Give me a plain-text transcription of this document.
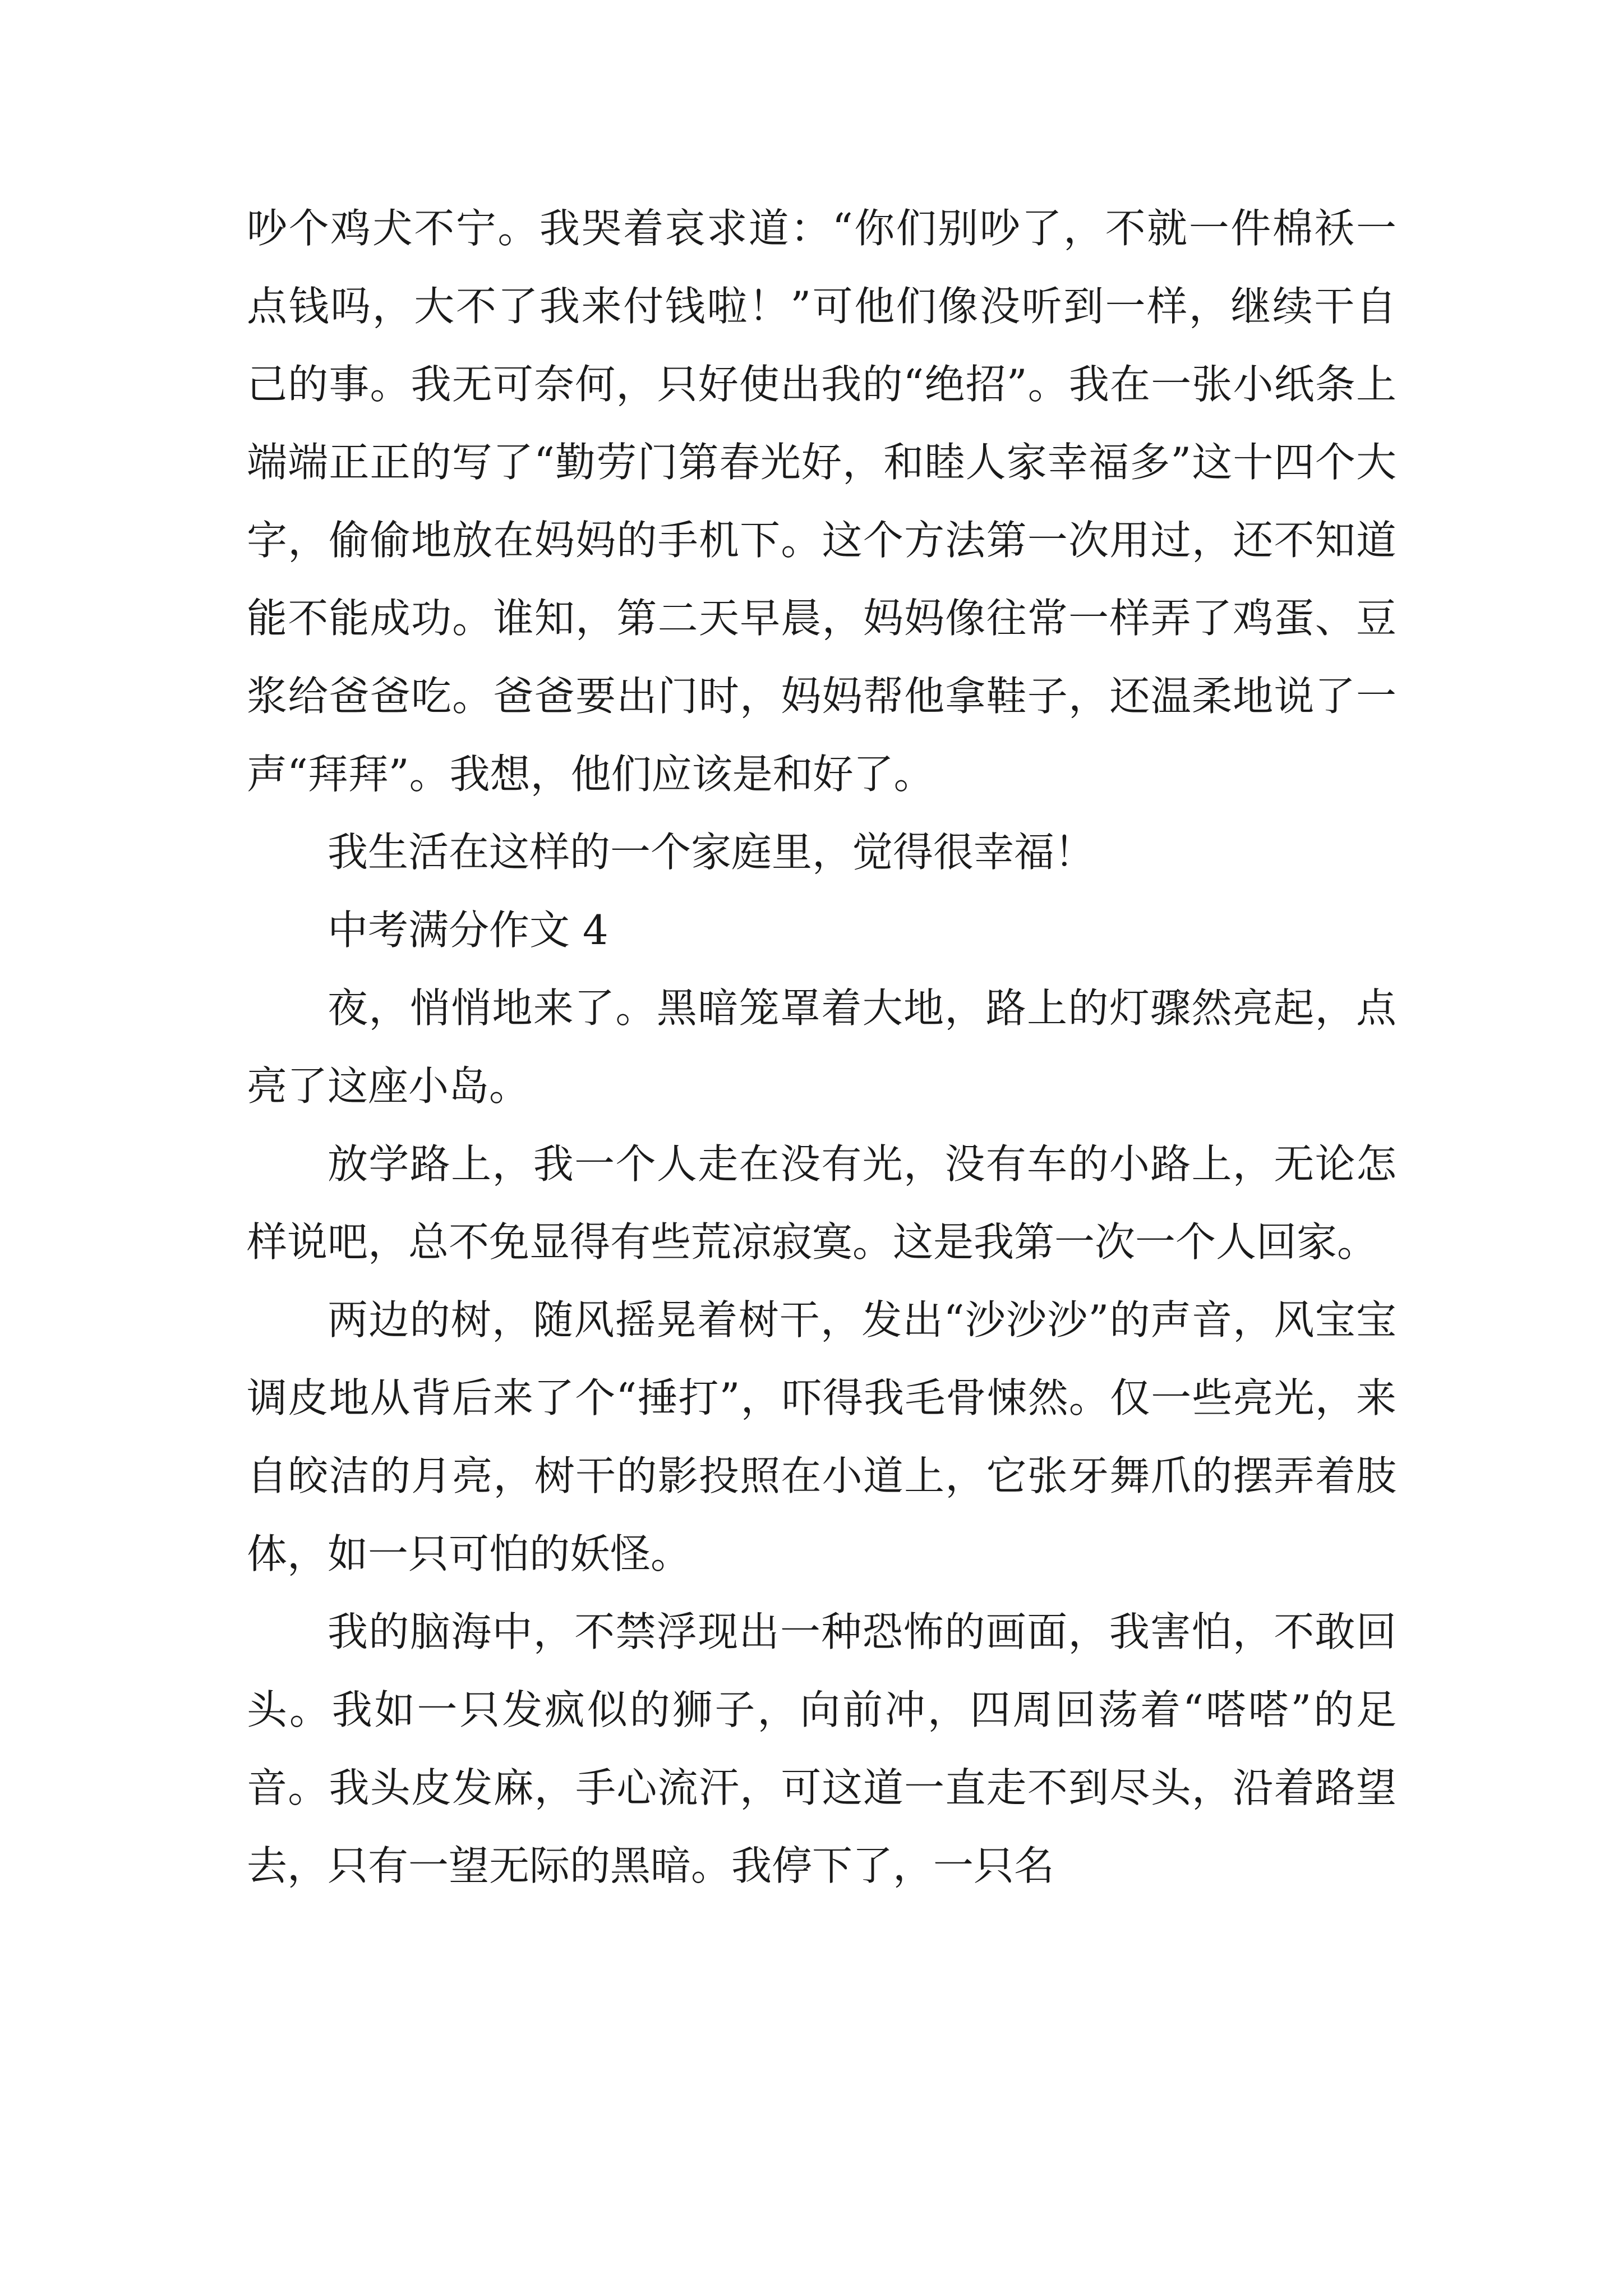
吵个鸡犬不宁。我哭着哀求道：“你们别吵了，不就一件棉袄一点钱吗，大不了我来付钱啦！”可他们像没听到一样，继续干自己的事。我无可奈何，只好使出我的“绝招”。我在一张小纸条上端端正正的写了“勤劳门第春光好，和睦人家幸福多”这十四个大字，偷偷地放在妈妈的手机下。这个方法第一次用过，还不知道能不能成功。谁知，第二天早晨，妈妈像往常一样弄了鸡蛋、豆浆给爸爸吃。爸爸要出门时，妈妈帮他拿鞋子，还温柔地说了一声“拜拜”。我想，他们应该是和好了。

我生活在这样的一个家庭里，觉得很幸福！

中考满分作文 4

夜，悄悄地来了。黑暗笼罩着大地，路上的灯骤然亮起，点亮了这座小岛。

放学路上，我一个人走在没有光，没有车的小路上，无论怎样说吧，总不免显得有些荒凉寂寞。这是我第一次一个人回家。

两边的树，随风摇晃着树干，发出“沙沙沙”的声音，风宝宝调皮地从背后来了个“捶打”，吓得我毛骨悚然。仅一些亮光，来自皎洁的月亮，树干的影投照在小道上，它张牙舞爪的摆弄着肢体，如一只可怕的妖怪。

我的脑海中，不禁浮现出一种恐怖的画面，我害怕，不敢回头。我如一只发疯似的狮子，向前冲，四周回荡着“嗒嗒”的足音。我头皮发麻，手心流汗，可这道一直走不到尽头，沿着路望去，只有一望无际的黑暗。我停下了，一只名
